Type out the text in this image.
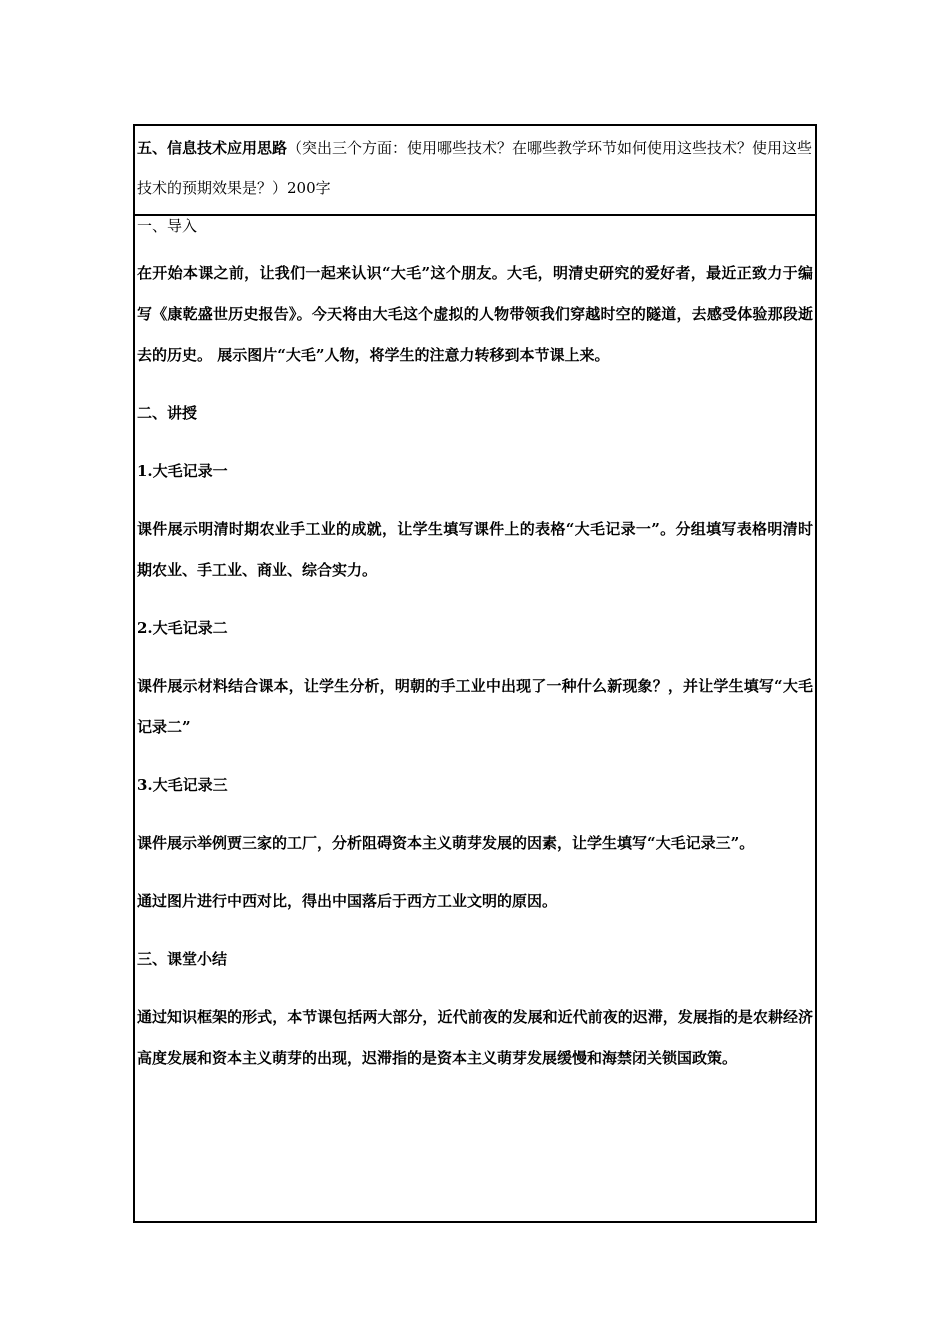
五、信息技术应用思路（突出三个方面：使用哪些技术？在哪些教学环节如何使用这些技术？使用这些技术的预期效果是？）200字

一、导入

在开始本课之前，让我们一起来认识“大毛”这个朋友。大毛，明清史研究的爱好者，最近正致力于编写《康乾盛世历史报告》。今天将由大毛这个虚拟的人物带领我们穿越时空的隧道，去感受体验那段逝去的历史。 展示图片“大毛”人物，将学生的注意力转移到本节课上来。

二、讲授

1.大毛记录一

课件展示明清时期农业手工业的成就，让学生填写课件上的表格“大毛记录一”。分组填写表格明清时期农业、手工业、商业、综合实力。

2.大毛记录二

课件展示材料结合课本，让学生分析，明朝的手工业中出现了一种什么新现象？，并让学生填写“大毛记录二”

3.大毛记录三

课件展示举例贾三家的工厂，分析阻碍资本主义萌芽发展的因素，让学生填写“大毛记录三”。

通过图片进行中西对比，得出中国落后于西方工业文明的原因。

三、课堂小结

通过知识框架的形式，本节课包括两大部分，近代前夜的发展和近代前夜的迟滞，发展指的是农耕经济高度发展和资本主义萌芽的出现，迟滞指的是资本主义萌芽发展缓慢和海禁闭关锁国政策。
